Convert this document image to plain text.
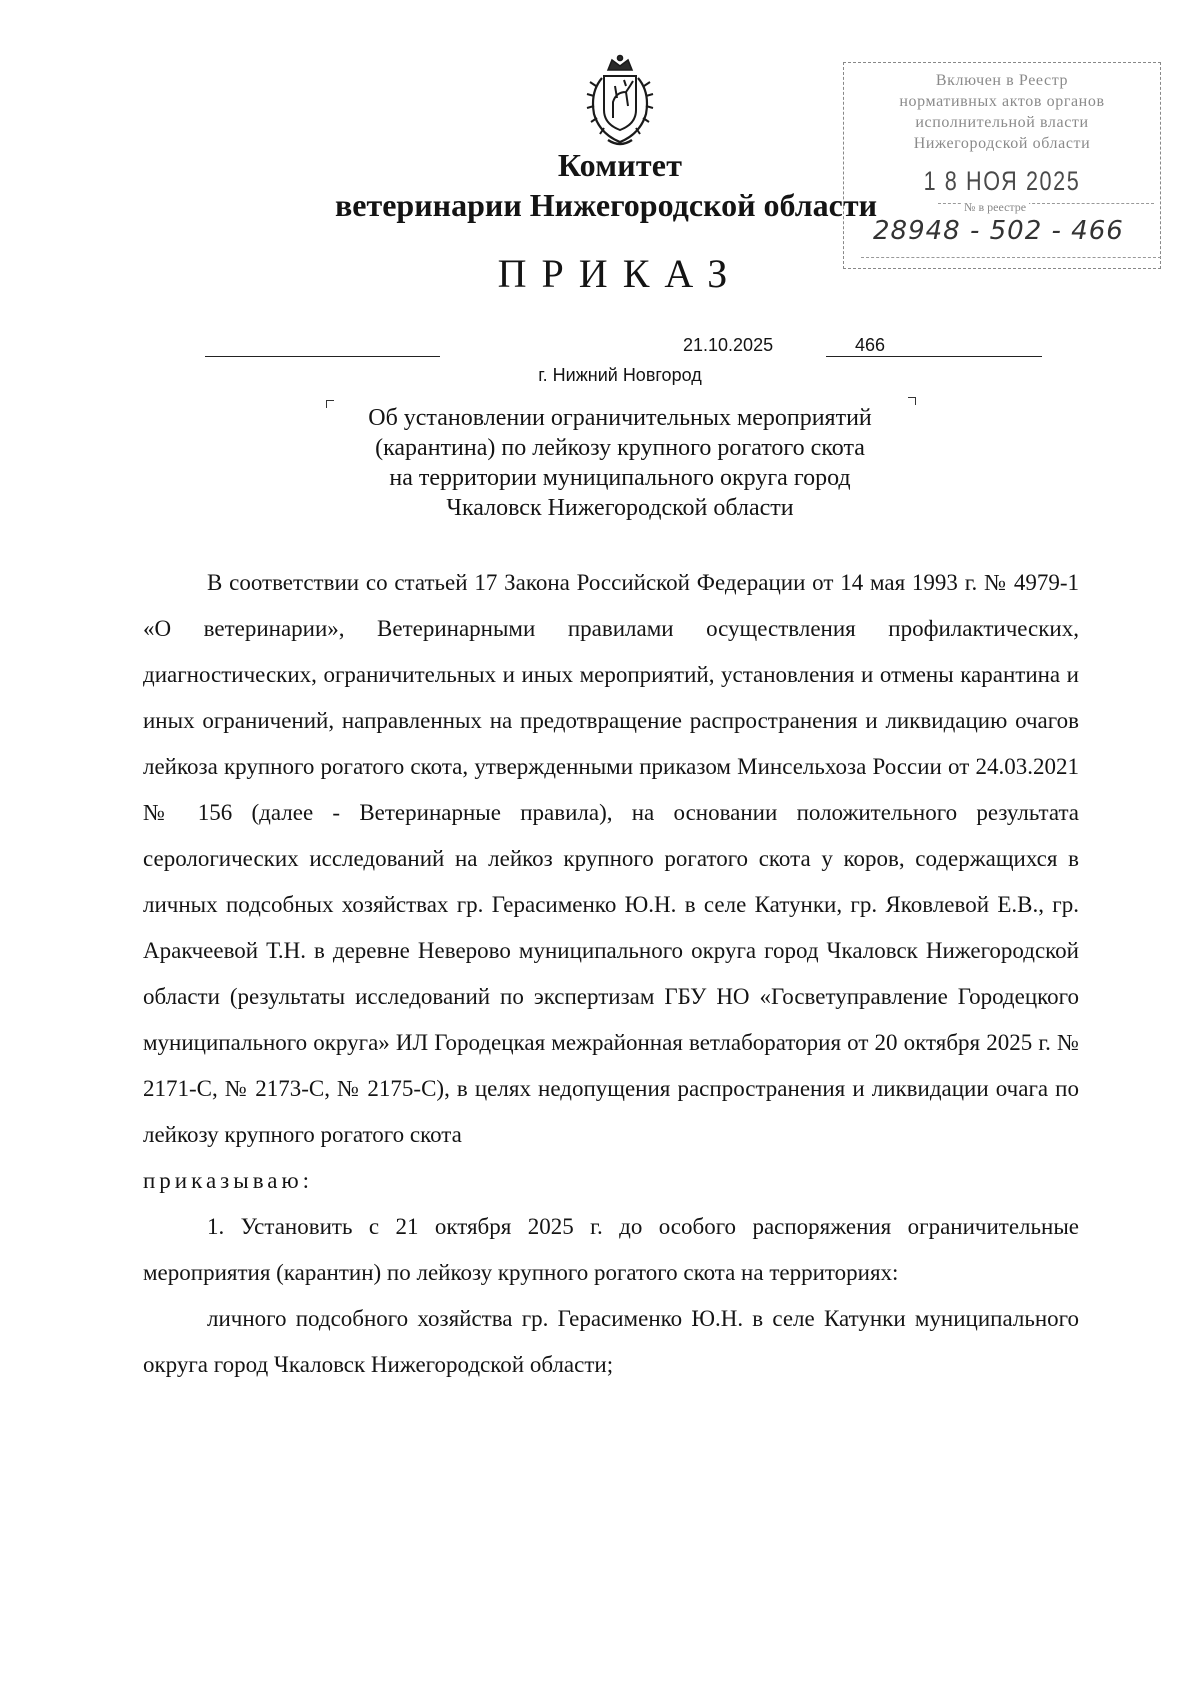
Комитет
ветеринарии Нижегородской области
ПРИКАЗ
21.10.2025	466
г. Нижний Новгород
Об установлении ограничительных мероприятий
(карантина) по лейкозу крупного рогатого скота
на территории муниципального округа город
Чкаловск Нижегородской области

В соответствии со статьей 17 Закона Российской Федерации от 14 мая 1993 г. № 4979-1 «О ветеринарии», Ветеринарными правилами осуществления профилактических, диагностических, ограничительных и иных мероприятий, установления и отмены карантина и иных ограничений, направленных на предотвращение распространения и ликвидацию очагов лейкоза крупного рогатого скота, утвержденными приказом Минсельхоза России от 24.03.2021 № 156 (далее - Ветеринарные правила), на основании положительного результата серологических исследований на лейкоз крупного рогатого скота у коров, содержащихся в личных подсобных хозяйствах гр. Герасименко Ю.Н. в селе Катунки, гр. Яковлевой Е.В., гр. Аракчеевой Т.Н. в деревне Неверово муниципального округа город Чкаловск Нижегородской области (результаты исследований по экспертизам ГБУ НО «Госветуправление Городецкого муниципального округа» ИЛ Городецкая межрайонная ветлаборатория от 20 октября 2025 г. № 2171-С, № 2173-С, № 2175-С), в целях недопущения распространения и ликвидации очага по лейкозу крупного рогатого скота

приказываю:

1. Установить с 21 октября 2025 г. до особого распоряжения ограничительные мероприятия (карантин) по лейкозу крупного рогатого скота на территориях:

личного подсобного хозяйства гр. Герасименко Ю.Н. в селе Катунки муниципального округа город Чкаловск Нижегородской области;

Включен в Реестр
нормативных актов органов
исполнительной власти
Нижегородской области
1 8 НОЯ 2025
№ в реестре
28948 - 502 - 466
